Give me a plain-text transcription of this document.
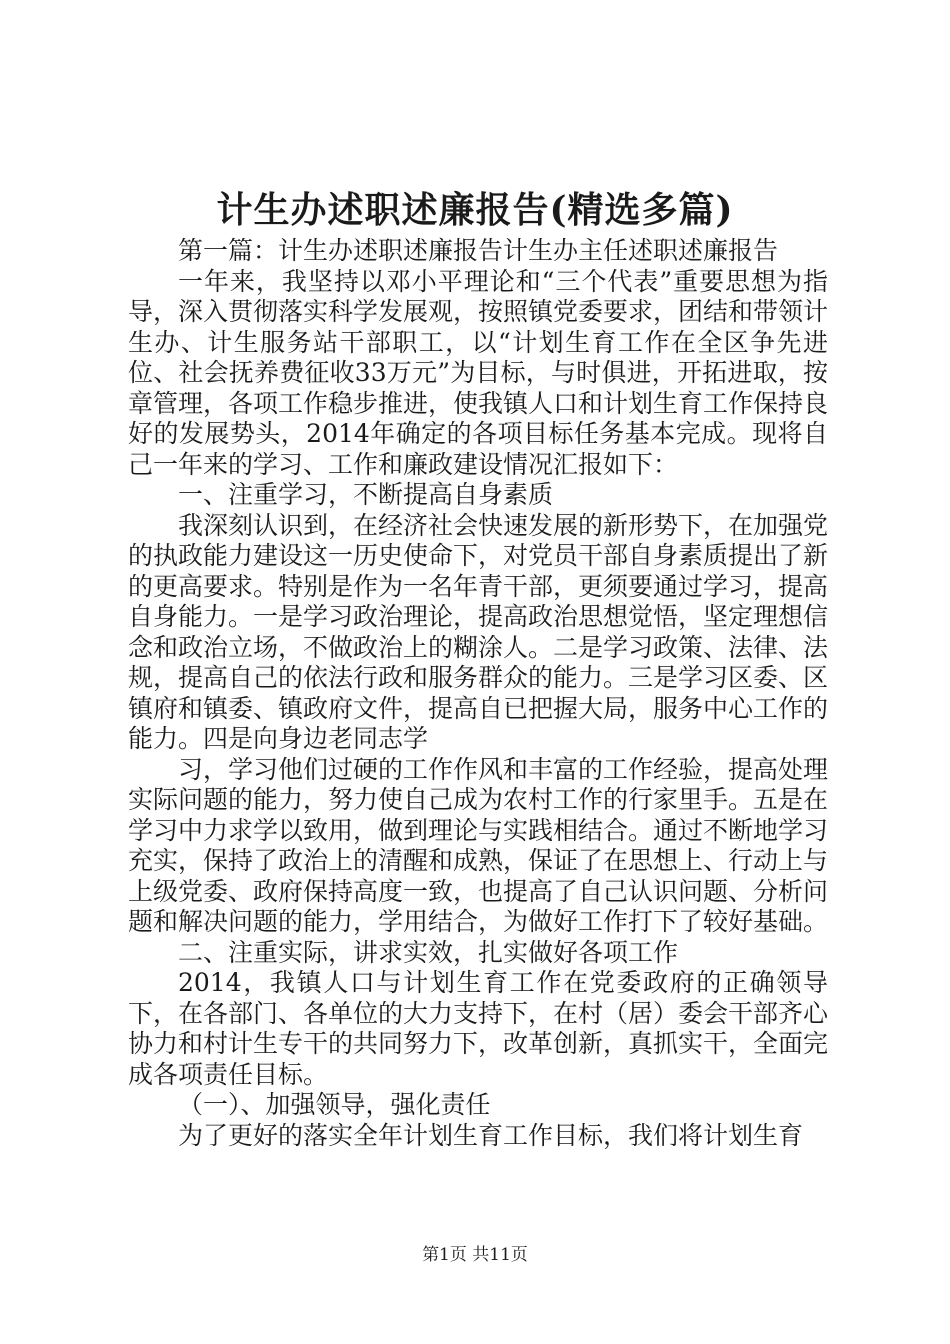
计生办述职述廉报告(精选多篇)

第一篇：计生办述职述廉报告计生办主任述职述廉报告

一年来，我坚持以邓小平理论和“三个代表”重要思想为指导，深入贯彻落实科学发展观，按照镇党委要求，团结和带领计生办、计生服务站干部职工，以“计划生育工作在全区争先进位、社会抚养费征收33万元”为目标，与时俱进，开拓进取，按章管理，各项工作稳步推进，使我镇人口和计划生育工作保持良好的发展势头，2014年确定的各项目标任务基本完成。现将自己一年来的学习、工作和廉政建设情况汇报如下：

一、注重学习，不断提高自身素质

我深刻认识到，在经济社会快速发展的新形势下，在加强党的执政能力建设这一历史使命下，对党员干部自身素质提出了新的更高要求。特别是作为一名年青干部，更须要通过学习，提高自身能力。一是学习政治理论，提高政治思想觉悟，坚定理想信念和政治立场，不做政治上的糊涂人。二是学习政策、法律、法规，提高自己的依法行政和服务群众的能力。三是学习区委、区镇府和镇委、镇政府文件，提高自已把握大局，服务中心工作的能力。四是向身边老同志学

习，学习他们过硬的工作作风和丰富的工作经验，提高处理实际问题的能力，努力使自己成为农村工作的行家里手。五是在学习中力求学以致用，做到理论与实践相结合。通过不断地学习充实，保持了政治上的清醒和成熟，保证了在思想上、行动上与上级党委、政府保持高度一致，也提高了自己认识问题、分析问题和解决问题的能力，学用结合，为做好工作打下了较好基础。

二、注重实际，讲求实效，扎实做好各项工作

2014，我镇人口与计划生育工作在党委政府的正确领导下，在各部门、各单位的大力支持下，在村（居）委会干部齐心协力和村计生专干的共同努力下，改革创新，真抓实干，全面完成各项责任目标。

（一）、加强领导，强化责任

为了更好的落实全年计划生育工作目标，我们将计划生育

第1页 共11页
